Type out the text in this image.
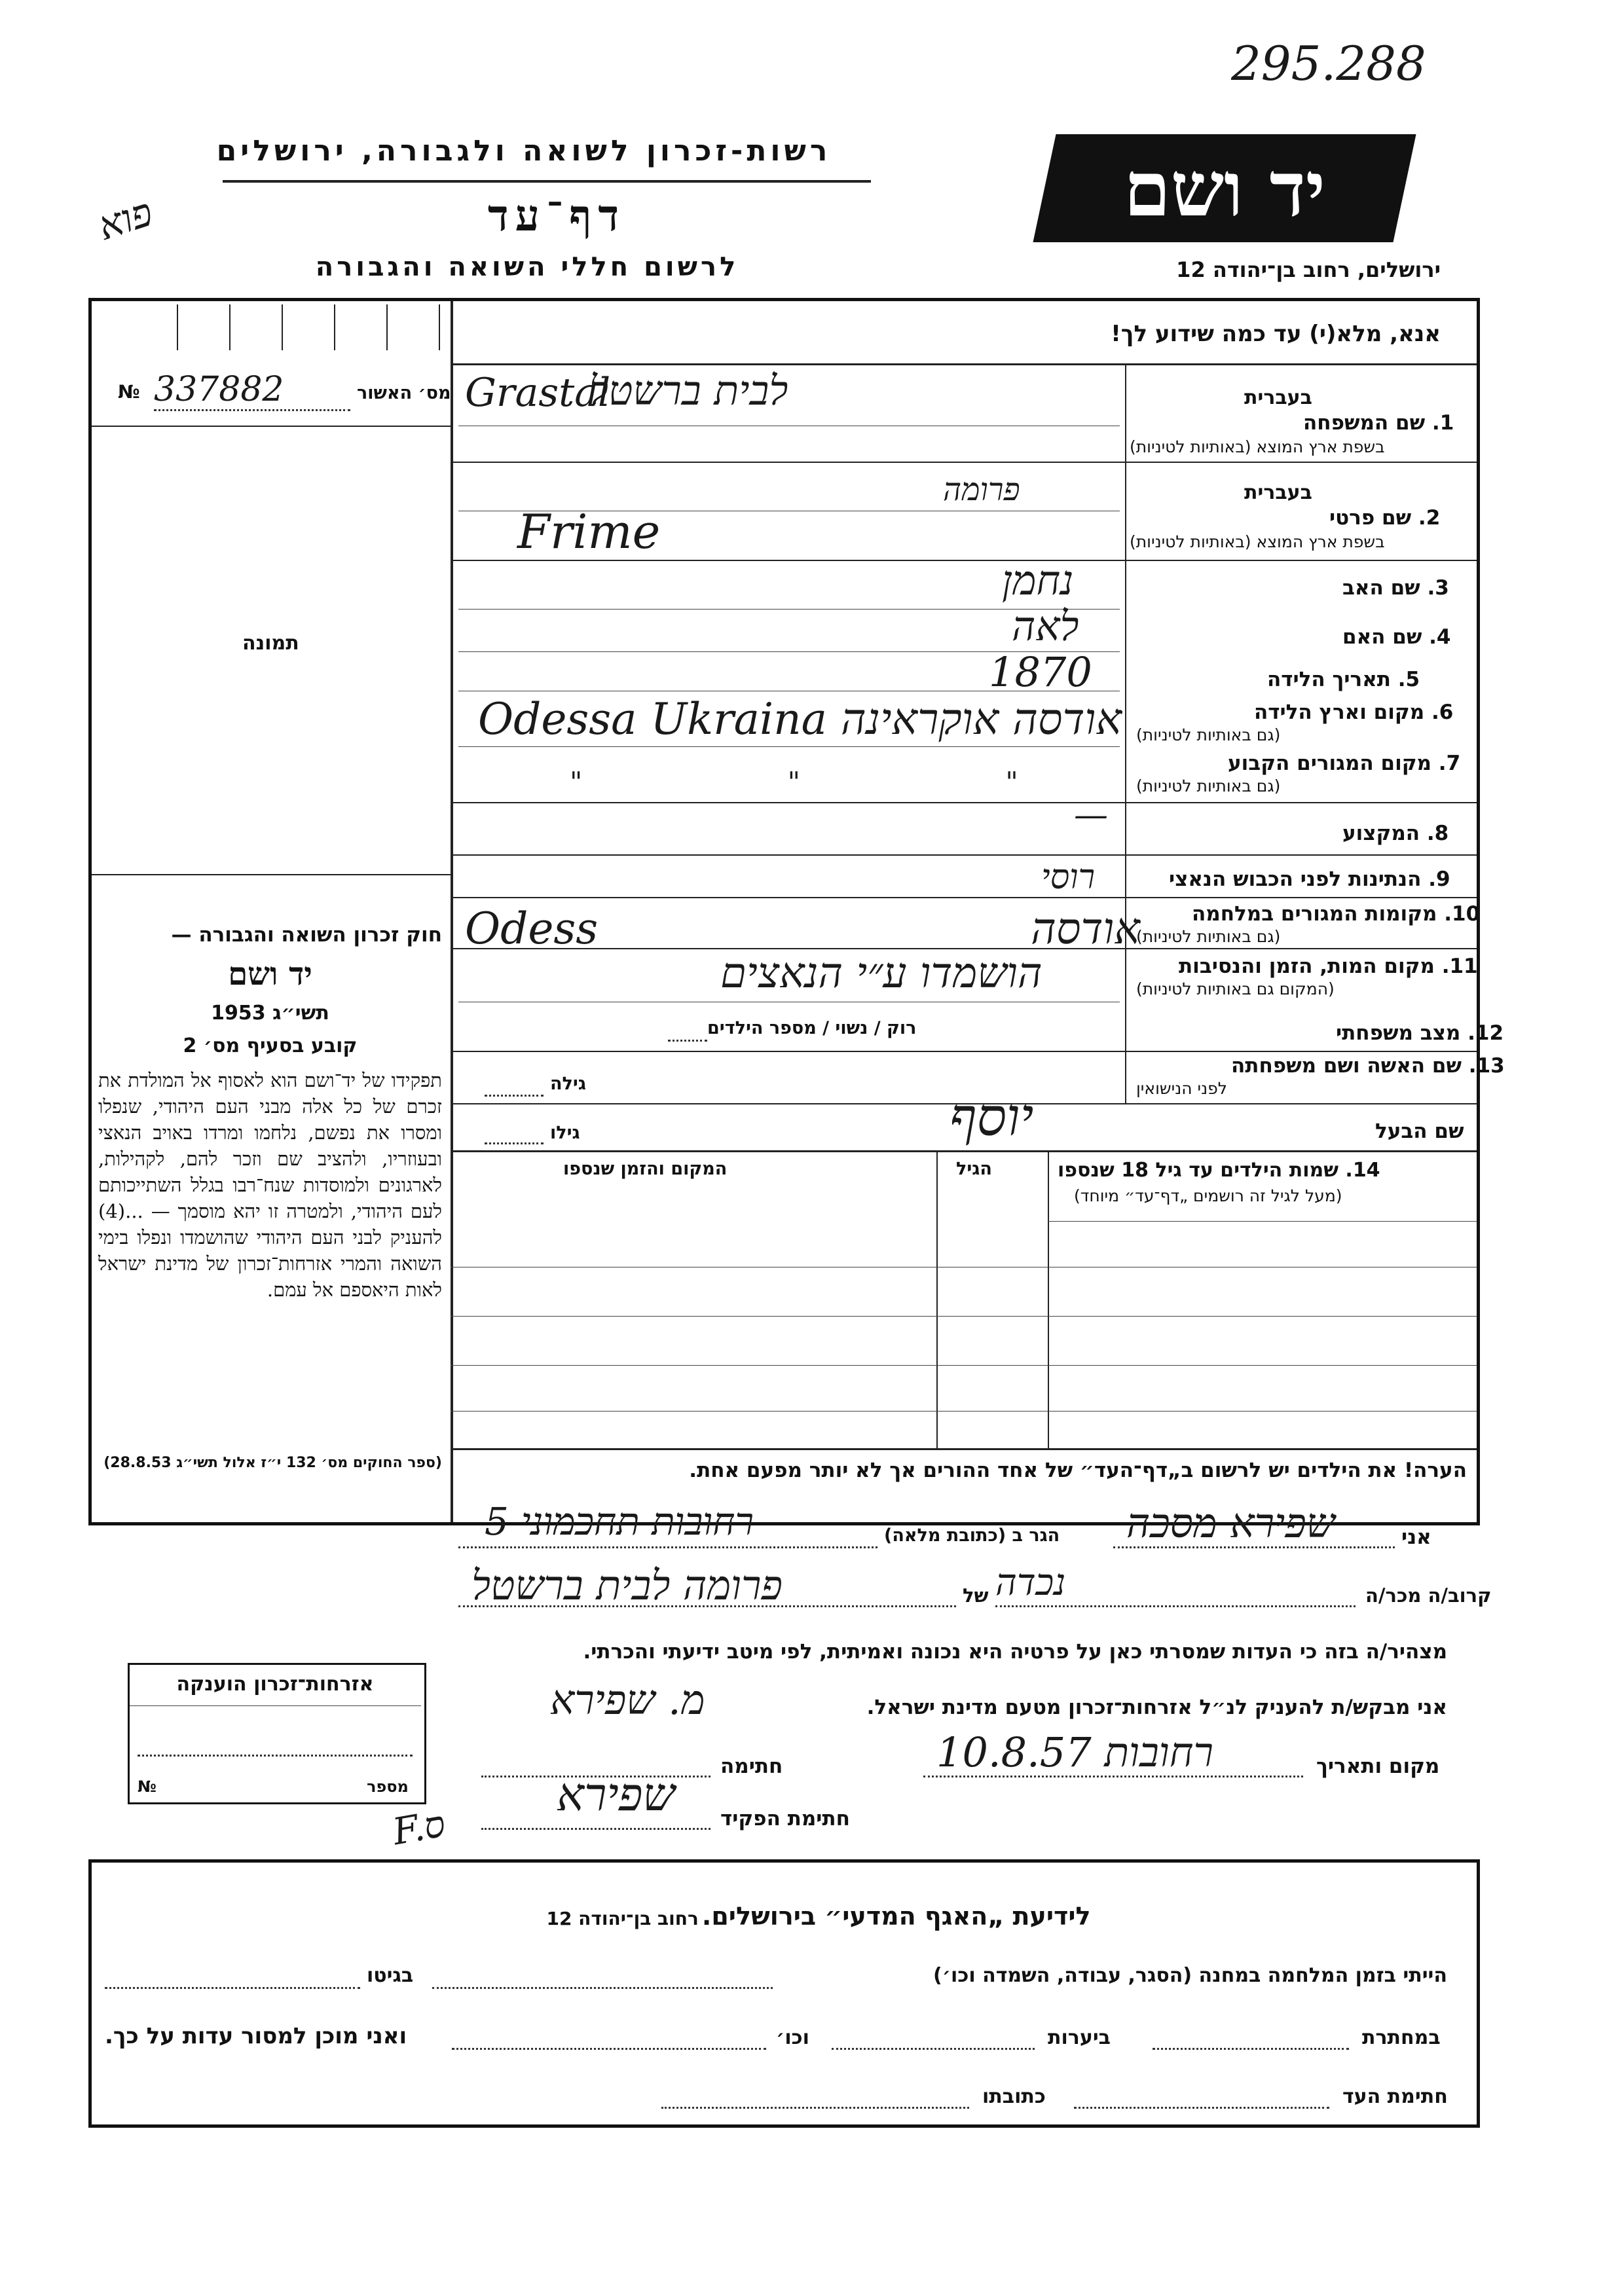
295.288
יד ושם
רשות-זכרון לשואה ולגבורה, ירושלים
דף־עד
לרשום חללי השואה והגבורה	ירושלים, רחוב בן־יהודה 12
פוא
№ 337882	מס׳ האשור
תמונה
חוק זכרון השואה והגבורה —
יד ושם
תשי״ג 1953
קובע בסעיף מס׳ 2
תפקידו של יד־ושם הוא לאסוף אל המולדת את זכרם של כל אלה מבני העם היהודי, שנפלו ומסרו את נפשם, נלחמו ומרדו באויב הנאצי ובעוזריו, ולהציב שם וזכר להם, לקהילות, לארגונים ולמוסדות שנח־רבו בגלל השתייכותם לעם היהודי, ולמטרה זו יהא מוסמך — ...(4) להעניק לבני העם היהודי שהושמדו ונפלו בימי השואה והמרי אזרחות־זכרון של מדינת ישראל לאות היאספם אל עמם.
(ספר החוקים מס׳ 132 י״ז אלול תשי״ג 28.8.53)
אנא, מלא(י) עד כמה שידוע לך!
בעברית
1. שם המשפחה
בשפת ארץ המוצא (באותיות לטיניות)
לבית ברשטל
Grastal
בעברית
2. שם פרטי
בשפת ארץ המוצא (באותיות לטיניות)
פרומה
Frime
3. שם האב
נחמן
4. שם האם
לאה
5. תאריך הלידה
1870
6. מקום וארץ הלידה
(גם באותיות לטיניות)
Odessa Ukraina אודסה אוקראינה
7. מקום המגורים הקבוע
(גם באותיות לטיניות)
" " "
8. המקצוע
—
9. הנתינות לפני הכבוש הנאצי
רוסי
10. מקומות המגורים במלחמה
(גם באותיות לטיניות)
Odess אודסה
11. מקום המות, הזמן והנסיבות
(המקום גם באותיות לטיניות)
הושמדו ע״י הנאצים
12. מצב משפחתי
רוק / נשוי / מספר הילדים
13. שם האשה ושם משפחתה
לפני הנישואין
גילה
שם הבעל
יוסף
גילו
14. שמות הילדים עד גיל 18 שנספו
(מעל לגיל זה רושמים „דף־עד״ מיוחד)
הגיל
המקום והזמן שנספו
הערה! את הילדים יש לרשום ב„דף־העד״ של אחד ההורים אך לא יותר מפעם אחת.
אני
שפירא מסכה
הגר ב (כתובת מלאה)
רחובות תחכמוני 5
קרוב/ה מכר/ה
נכדה
של
פרומה לבית ברשטל
מצהיר/ה בזה כי העדות שמסרתי כאן על פרטיה היא נכונה ואמיתית, לפי מיטב ידיעתי והכרתי.
אני מבקש/ת להעניק לנ״ל אזרחות־זכרון מטעם מדינת ישראל.
מ. שפירא
מקום ותאריך
רחובות 10.8.57
חתימה
חתימת הפקיד
שפירא
F.ס
אזרחות־זכרון הוענקה
№	מספר
לידיעת „האגף המדעי״ בירושלים. רחוב בן־יהודה 12
הייתי בזמן המלחמה במחנה (הסגר, עבודה, השמדה וכו׳)
בגיטו
במחתרת
ביערות
וכו׳
ואני מוכן למסור עדות על כך.
חתימת העד
כתובתו
